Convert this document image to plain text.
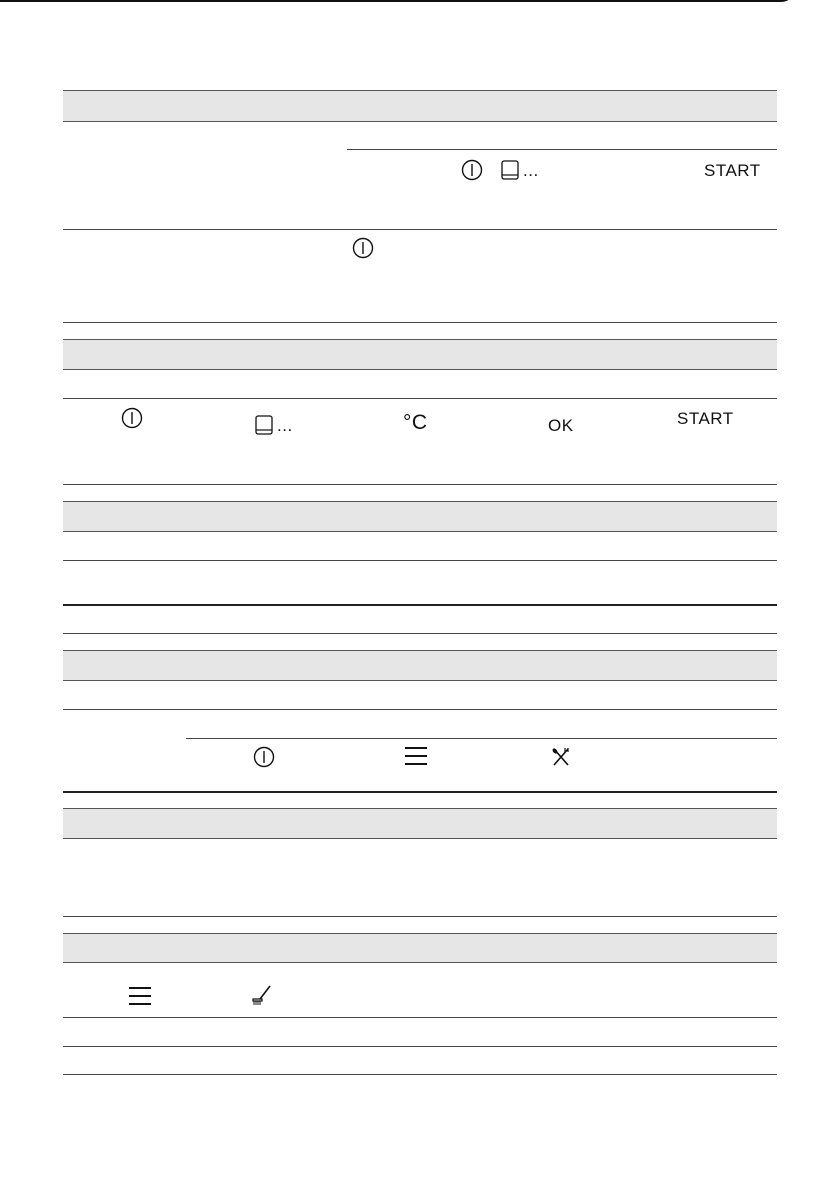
...	START
...	°C	OK	START
